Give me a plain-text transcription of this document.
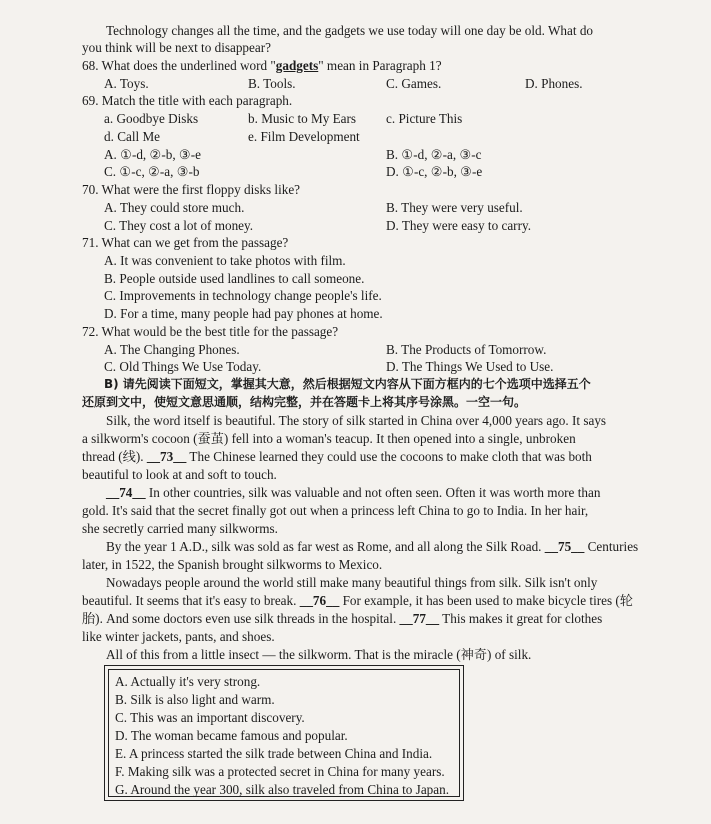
Technology changes all the time, and the gadgets we use today will one day be old. What do
you think will be next to disappear?
68. What does the underlined word "gadgets" mean in Paragraph 1?
A. Toys.	B. Tools.	C. Games.	D. Phones.
69. Match the title with each paragraph.
a. Goodbye Disks	b. Music to My Ears c. Picture This
d. Call Me	e. Film Development
A. ①-d, ②-b, ③-e	B. ①-d, ②-a, ③-c
C. ①-c, ②-a, ③-b	D. ①-c, ②-b, ③-e
70. What were the first floppy disks like?
A. They could store much.	B. They were very useful.
C. They cost a lot of money.	D. They were easy to carry.
71. What can we get from the passage?
A. It was convenient to take photos with film.
B. People outside used landlines to call someone.
C. Improvements in technology change people's life.
D. For a time, many people had pay phones at home.
72. What would be the best title for the passage?
A. The Changing Phones.	B. The Products of Tomorrow.
C. Old Things We Use Today.	D. The Things We Used to Use.
B) 请先阅读下面短文，掌握其大意，然后根据短文内容从下面方框内的七个选项中选择五个
还原到文中，使短文意思通顺，结构完整，并在答题卡上将其序号涂黑。一空一句。
Silk, the word itself is beautiful. The story of silk started in China over 4,000 years ago. It says
a silkworm's cocoon (蚕茧) fell into a woman's teacup. It then opened into a single, unbroken
thread (线). __73__ The Chinese learned they could use the cocoons to make cloth that was both
beautiful to look at and soft to touch.
__74__ In other countries, silk was valuable and not often seen. Often it was worth more than
gold. It's said that the secret finally got out when a princess left China to go to India. In her hair,
she secretly carried many silkworms.
By the year 1 A.D., silk was sold as far west as Rome, and all along the Silk Road. __75__ Centuries
later, in 1522, the Spanish brought silkworms to Mexico.
Nowadays people around the world still make many beautiful things from silk. Silk isn't only
beautiful. It seems that it's easy to break. __76__ For example, it has been used to make bicycle tires (轮
胎). And some doctors even use silk threads in the hospital. __77__ This makes it great for clothes
like winter jackets, pants, and shoes.
All of this from a little insect — the silkworm. That is the miracle (神奇) of silk.
A. Actually it's very strong.
B. Silk is also light and warm.
C. This was an important discovery.
D. The woman became famous and popular.
E. A princess started the silk trade between China and India.
F. Making silk was a protected secret in China for many years.
G. Around the year 300, silk also traveled from China to Japan.
